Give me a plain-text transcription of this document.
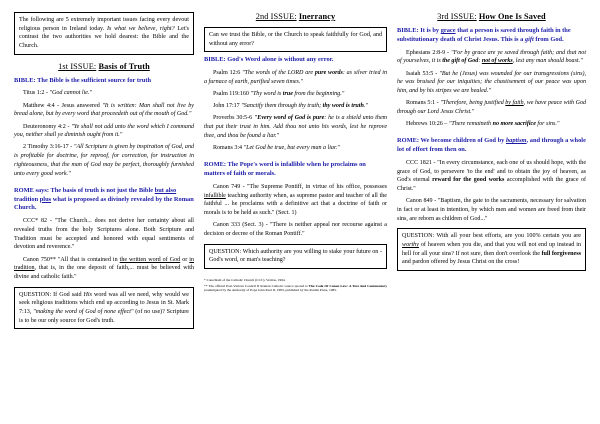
The following are 5 extremely important issues facing every devout religious person in Ireland today. Is what we believe, right? Let's contrast the two authorities we hold dearest: the Bible and the Church.
1st ISSUE: Basis of Truth

BIBLE: The Bible is the sufficient source for truth

Titus 1:2 - "God cannot lie."

Matthew 4:4 - Jesus answered "It is written: Man shall not live by bread alone, but by every word that proceedeth out of the mouth of God."

Deuteronomy 4:2 - "Ye shall not add unto the word which I command you, neither shall ye diminish ought from it."

2 Timothy 3:16-17 - "All Scripture is given by inspiration of God, and is profitable for doctrine, for reproof, for correction, for instruction in righteousness, that the man of God may be perfect, thoroughly furnished unto every good work."

ROME says: The basis of truth is not just the Bible but also tradition plus what is proposed as divinely revealed by the Roman Church.

CCC* 82 - "The Church... does not derive her certainty about all revealed truths from the holy Scriptures alone. Both Scripture and Tradition must be accepted and honored with equal sentiments of devotion and reverence."

Canon 750** "All that is contained in the written word of God or in tradition, that is, in the one deposit of faith,... must be believed with divine and catholic faith."

QUESTION: If God said His word was all we need, why would we seek religious traditions which end up according to Jesus in St. Mark 7:13, "making the word of God of none effect" (of no use)? Scripture is to be our only source for God's truth.
2nd ISSUE: Inerrancy
Can we trust the Bible, or the Church to speak faithfully for God, and without any error?

BIBLE: God's Word alone is without any error.

Psalm 12:6 "The words of the LORD are pure words: as silver tried in a furnace of earth, purified seven times."

Psalm 119:160 "Thy word is true from the beginning."

John 17:17 "Sanctify them through thy truth; thy word is truth."

Proverbs 30:5-6 "Every word of God is pure: he is a shield unto them that put their trust in him. Add thou not unto his words, lest he reprove thee, and thou be found a liar."

Romans 3:4 "Let God be true, but every man a liar."

ROME: The Pope's word is infallible when he proclaims on matters of faith or morals.

Canon 749 - "The Supreme Pontiff, in virtue of his office, possesses infallible teaching authority when, as supreme pastor and teacher of all the faithful ... he proclaims with a definitive act that a doctrine of faith or morals is to be held as such." (Sect. 1)

Canon 333 (Sect. 3) - "There is neither appeal nor recourse against a decision or decree of the Roman Pontiff."

QUESTION: Which authority are you willing to stake your future on - God's word, or man's teaching?

* Catechism of the Catholic Church (CCC), Veritas, 1994.

** The official Post-Vatican Council II Roman Catholic source quoted is The Code Of Canon Law: A Text And Commentary promulgated by the Authority of Pope John Paul II, 1983, published by the Paulist Press, 1985.

3rd ISSUE: How One Is Saved

BIBLE: It is by grace that a person is saved through faith in the substitutionary death of Christ Jesus. This is a gift from God.

Ephesians 2:8-9 - "For by grace are ye saved through faith; and that not of yourselves, it is the gift of God: not of works, lest any man should boast."

Isaiah 53:5 - "But he (Jesus) was wounded for our transgressions (sins), he was bruised for our iniquities; the chastisement of our peace was upon him, and by his stripes we are healed."

Romans 5:1 - "Therefore, being justified by faith, we have peace with God through our Lord Jesus Christ."

Hebrews 10:26 – "There remaineth no more sacrifice for sins."

ROME: We become children of God by baptism, and through a whole lot of effort from then on.

CCC 1821 - "In every circumstance, each one of us should hope, with the grace of God, to persevere 'to the end' and to obtain the joy of heaven, as God's eternal reward for the good works accomplished with the grace of Christ."

Canon 849 - "Baptism, the gate to the sacraments, necessary for salvation in fact or at least in intention, by which men and women are freed from their sins, are reborn as children of God..."

QUESTION: With all your best efforts, are you 100% certain you are worthy of heaven when you die, and that you will not end up instead in hell for all your sins? If not sure, then don't overlook the full forgiveness and pardon offered by Jesus Christ on the cross!
